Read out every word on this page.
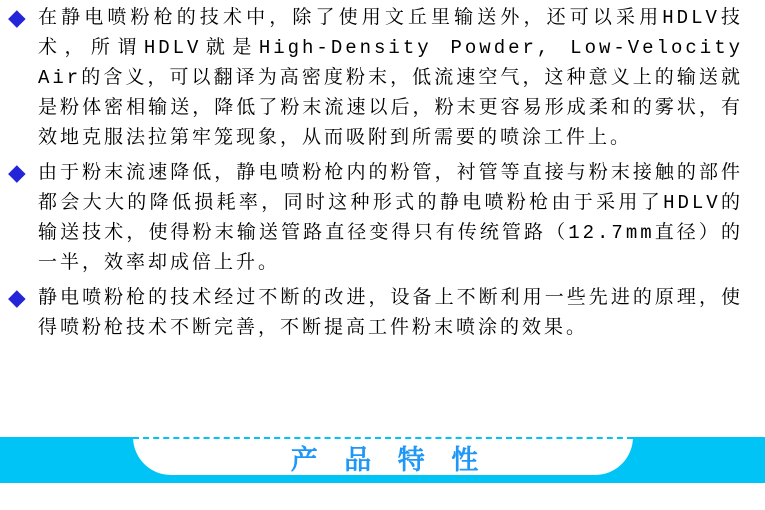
◆ 在静电喷粉枪的技术中，除了使用文丘里输送外，还可以采用HDLV技术，所谓HDLV就是High-Density Powder, Low-Velocity Air的含义，可以翻译为高密度粉末，低流速空气，这种意义上的输送就是粉体密相输送，降低了粉末流速以后，粉末更容易形成柔和的雾状，有效地克服法拉第牢笼现象，从而吸附到所需要的喷涂工件上。

◆ 由于粉末流速降低，静电喷粉枪内的粉管，衬管等直接与粉末接触的部件都会大大的降低损耗率，同时这种形式的静电喷粉枪由于采用了HDLV的输送技术，使得粉末输送管路直径变得只有传统管路（12.7mm直径）的一半，效率却成倍上升。

◆ 静电喷粉枪的技术经过不断的改进，设备上不断利用一些先进的原理，使得喷粉枪技术不断完善，不断提高工件粉末喷涂的效果。

产 品 特 性
